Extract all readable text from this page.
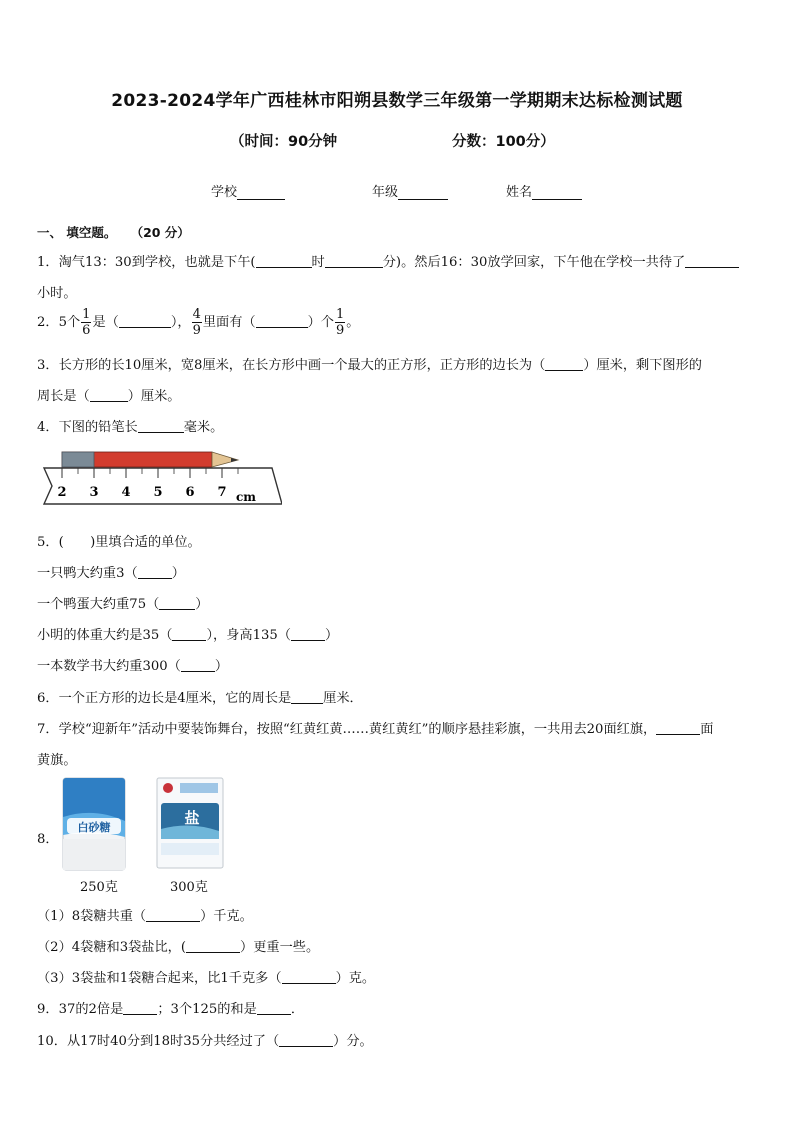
2023-2024学年广西桂林市阳朔县数学三年级第一学期期末达标检测试题
（时间：90分钟	分数：100分）
学校	年级	姓名
一、 填空题。 （20 分）
1．淘气13：30到学校，也就是下午(	时	分)。然后16：30放学回家，下午他在学校一共待了
小时。
2．5个 $\frac{1}{6}$ 是（	）， $\frac{4}{9}$ 里面有（	）个 $\frac{1}{9}$ 。
3．长方形的长10厘米，宽8厘米，在长方形中画一个最大的正方形，正方形的边长为（	）厘米，剩下图形的
周长是（	）厘米。
4．下图的铅笔长	毫米。
2 3 4 5 6 7 cm
5．(　　)里填合适的单位。
一只鸭大约重3（	）
一个鸭蛋大约重75（	）
小明的体重大约是35（	），身高135（	）
一本数学书大约重300（	）
6．一个正方形的边长是4厘米，它的周长是 厘米．
7．学校“迎新年”活动中要装饰舞台，按照“红黄红黄……黄红黄红”的顺序悬挂彩旗，一共用去20面红旗，	面
黄旗。
8．
白砂糖
盐
250克	300克
（1）8袋糖共重（	）千克。
（2）4袋糖和3袋盐比，(	）更重一些。
（3）3袋盐和1袋糖合起来，比1千克多（	）克。
9．37的2倍是	；3个125的和是	．
10．从17时40分到18时35分共经过了（	）分。
